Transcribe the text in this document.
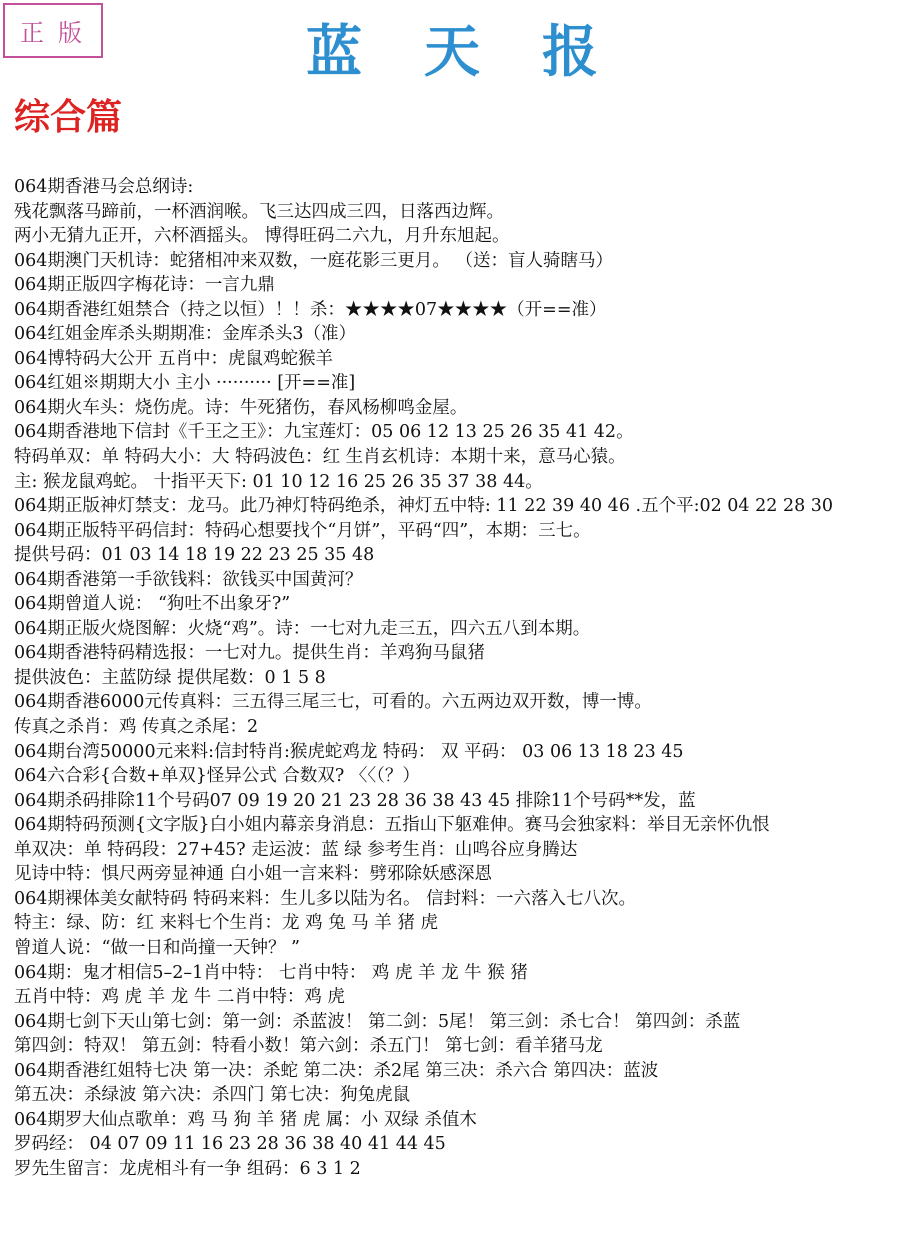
正版	蓝天报
综合篇
064期香港马会总纲诗:
残花飘落马蹄前，一杯酒润喉。飞三达四成三四，日落西边辉。
两小无猜九正开，六杯酒摇头。 博得旺码二六九，月升东旭起。
064期澳门天机诗：蛇猪相冲来双数，一庭花影三更月。 （送：盲人骑瞎马）
064期正版四字梅花诗：一言九鼎
064期香港红姐禁合（持之以恒）！！杀：★★★★07★★★★（开==准）
064红姐金库杀头期期准：金库杀头3（准）
064博特码大公开 五肖中：虎鼠鸡蛇猴羊
064红姐※期期大小 主小 ·········· [开==准]
064期火车头：烧伤虎。诗：牛死猪伤，春风杨柳鸣金屋。
064期香港地下信封《千王之王》：九宝莲灯：05 06 12 13 25 26 35 41 42。
特码单双：单 特码大小：大 特码波色：红 生肖玄机诗：本期十来，意马心猿。
主: 猴龙鼠鸡蛇。 十指平天下: 01 10 12 16 25 26 35 37 38 44。
064期正版神灯禁支：龙马。此乃神灯特码绝杀，神灯五中特: 11 22 39 40 46 .五个平:02 04 22 28 30
064期正版特平码信封：特码心想要找个“月饼”，平码“四”，本期：三七。
提供号码：01 03 14 18 19 22 23 25 35 48
064期香港第一手欲钱料：欲钱买中国黄河？
064期曾道人说： “狗吐不出象牙?”
064期正版火烧图解：火烧“鸡”。诗：一七对九走三五，四六五八到本期。
064期香港特码精选报：一七对九。提供生肖：羊鸡狗马鼠猪
提供波色：主蓝防绿 提供尾数：0 1 5 8
064期香港6000元传真料：三五得三尾三七，可看的。六五两边双开数，博一博。
传真之杀肖：鸡 传真之杀尾：2
064期台湾50000元来料:信封特肖:猴虎蛇鸡龙 特码： 双 平码： 03 06 13 18 23 45
064六合彩{合数+单双}怪异公式 合数双? 〈〈（？）
064期杀码排除11个号码07 09 19 20 21 23 28 36 38 43 45 排除11个号码**发，蓝
064期特码预测{文字版}白小姐内幕亲身消息：五指山下躯难伸。赛马会独家料：举目无亲怀仇恨
单双决：单 特码段：27+45? 走运波：蓝 绿 参考生肖：山鸣谷应身腾达
见诗中特：惧尺两旁显神通 白小姐一言来料：劈邪除妖感深恩
064期裸体美女献特码 特码来料：生儿多以陆为名。 信封料：一六落入七八次。
特主：绿、防：红 来料七个生肖：龙 鸡 兔 马 羊 猪 虎
曾道人说：“做一日和尚撞一天钟？ ”
064期：鬼才相信5–2–1肖中特： 七肖中特： 鸡 虎 羊 龙 牛 猴 猪
五肖中特：鸡 虎 羊 龙 牛 二肖中特：鸡 虎
064期七剑下天山第七剑：第一剑：杀蓝波！ 第二剑：5尾！ 第三剑：杀七合！ 第四剑：杀蓝
第四剑：特双！ 第五剑：特看小数！第六剑：杀五门！ 第七剑：看羊猪马龙
064期香港红姐特七决 第一决：杀蛇 第二决：杀2尾 第三决：杀六合 第四决：蓝波
第五决：杀绿波 第六决：杀四门 第七决：狗兔虎鼠
064期罗大仙点歌单：鸡 马 狗 羊 猪 虎 属：小 双绿 杀值木
罗码经： 04 07 09 11 16 23 28 36 38 40 41 44 45
罗先生留言：龙虎相斗有一争 组码：6 3 1 2
